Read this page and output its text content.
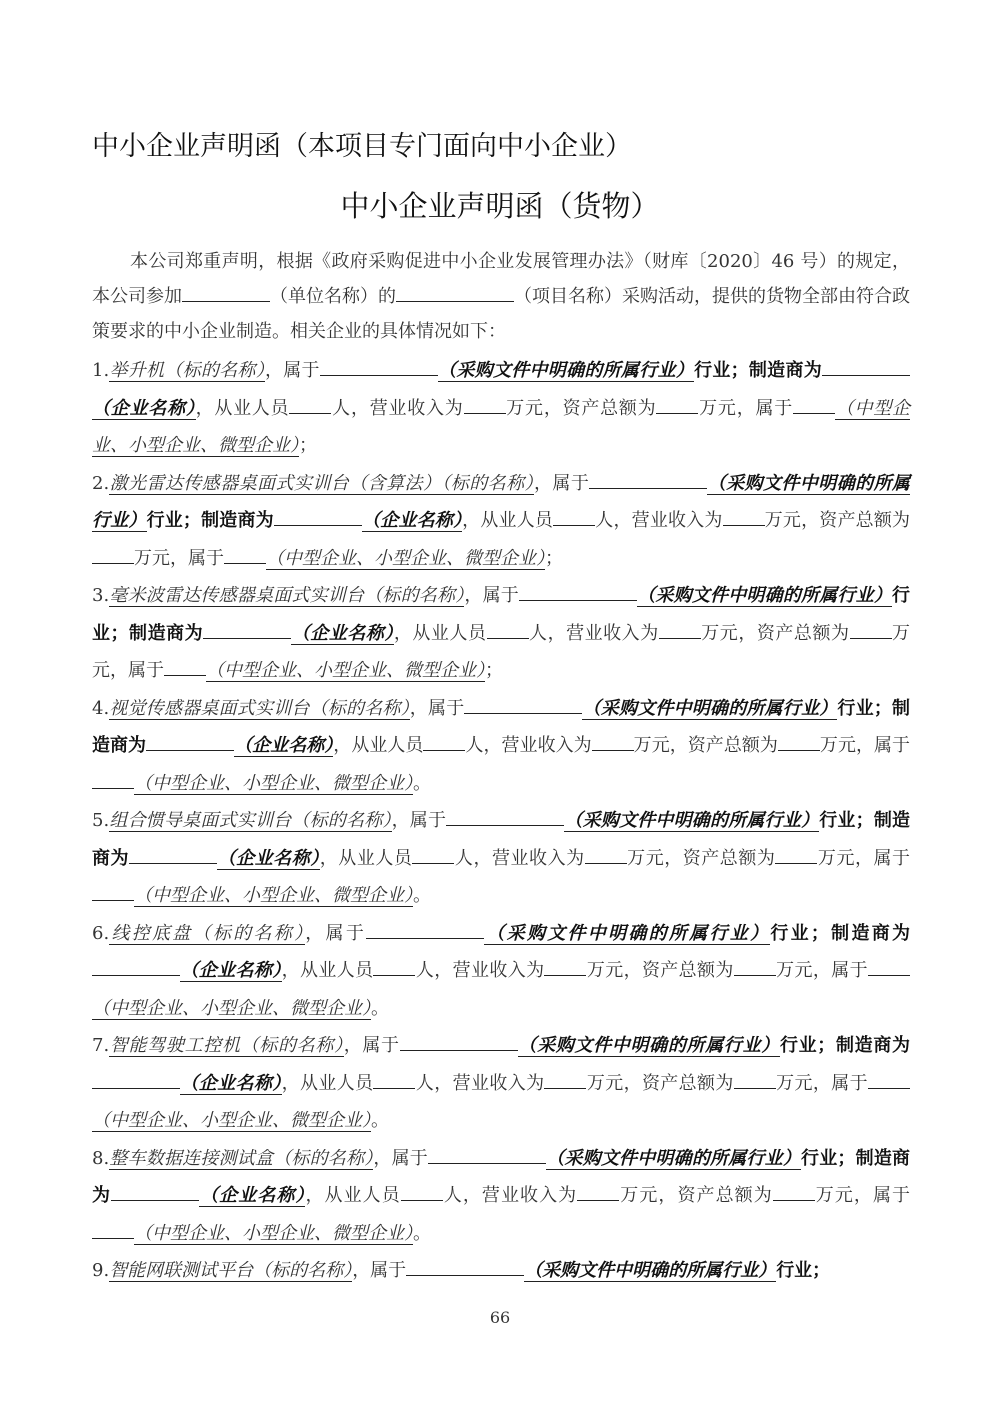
中小企业声明函（本项目专门面向中小企业）
中小企业声明函（货物）

本公司郑重声明，根据《政府采购促进中小企业发展管理办法》（财库〔2020〕46 号）的规定，本公司参加	（单位名称）的	（项目名称）采购活动，提供的货物全部由符合政策要求的中小企业制造。相关企业的具体情况如下：

1.举升机（标的名称），属于	（采购文件中明确的所属行业）行业；制造商为（企业名称），从业人员 人，营业收入为 万元，资产总额为 万元，属于 （中型企业、小型企业、微型企业）；

2.激光雷达传感器桌面式实训台（含算法）（标的名称），属于	（采购文件中明确的所属行业）行业；制造商为	（企业名称），从业人员 人，营业收入为 万元，资产总额为万元，属于 （中型企业、小型企业、微型企业）；

3.毫米波雷达传感器桌面式实训台（标的名称），属于	（采购文件中明确的所属行业）行业；制造商为	（企业名称），从业人员 人，营业收入为 万元，资产总额为 万元，属于 （中型企业、小型企业、微型企业）；

4.视觉传感器桌面式实训台（标的名称），属于	（采购文件中明确的所属行业）行业；制造商为	（企业名称），从业人员 人，营业收入为 万元，资产总额为 万元，属于（中型企业、小型企业、微型企业）。

5.组合惯导桌面式实训台（标的名称），属于	（采购文件中明确的所属行业）行业；制造商为	（企业名称），从业人员 人，营业收入为 万元，资产总额为 万元，属于（中型企业、小型企业、微型企业）。

6.线控底盘（标的名称），属于	（采购文件中明确的所属行业）行业；制造商为（企业名称），从业人员 人，营业收入为 万元，资产总额为 万元，属于（中型企业、小型企业、微型企业）。

7.智能驾驶工控机（标的名称），属于	（采购文件中明确的所属行业）行业；制造商为（企业名称），从业人员 人，营业收入为 万元，资产总额为 万元，属于（中型企业、小型企业、微型企业）。

8.整车数据连接测试盒（标的名称），属于	（采购文件中明确的所属行业）行业；制造商为	（企业名称），从业人员 人，营业收入为 万元，资产总额为 万元，属于（中型企业、小型企业、微型企业）。

9.智能网联测试平台（标的名称），属于	（采购文件中明确的所属行业）行业；

66
